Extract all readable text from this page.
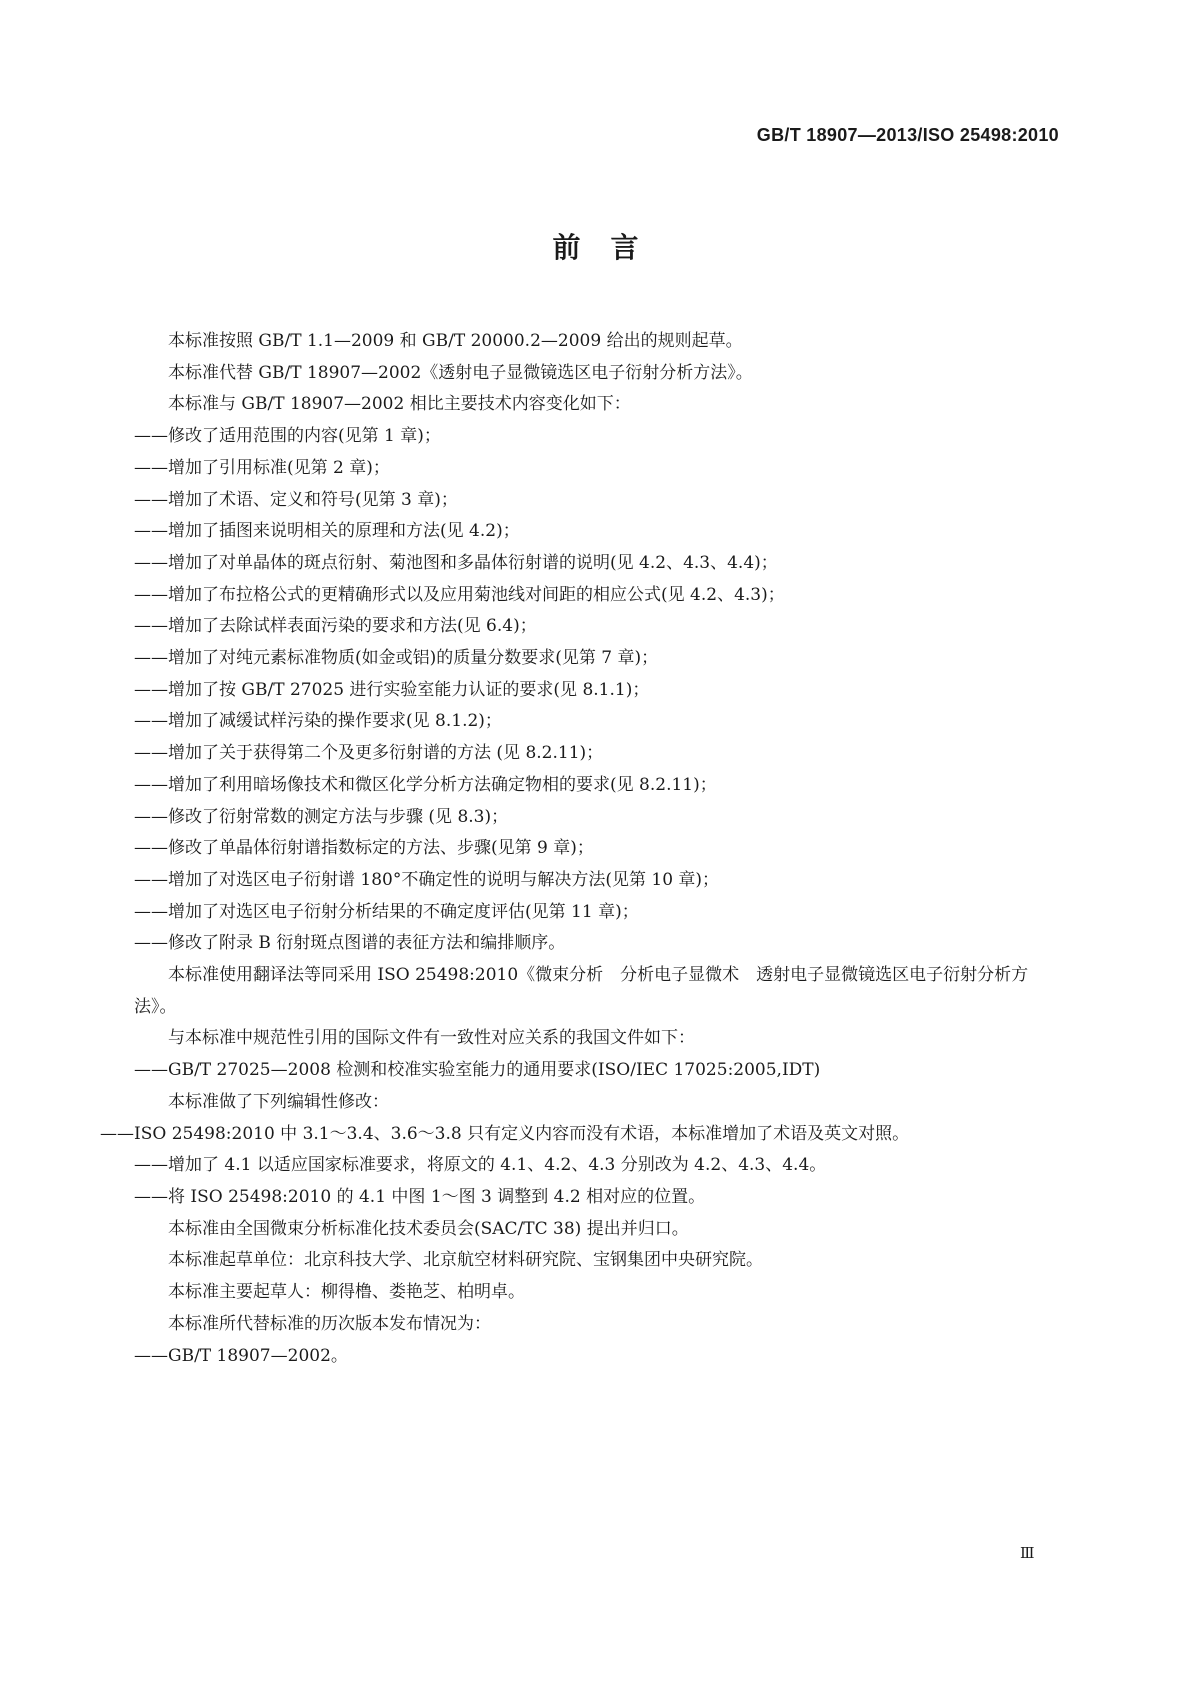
GB/T 18907—2013/ISO 25498:2010
前言

本标准按照 GB/T 1.1—2009 和 GB/T 20000.2—2009 给出的规则起草。

本标准代替 GB/T 18907—2002《透射电子显微镜选区电子衍射分析方法》。

本标准与 GB/T 18907—2002 相比主要技术内容变化如下：

——修改了适用范围的内容(见第 1 章)；

——增加了引用标准(见第 2 章)；

——增加了术语、定义和符号(见第 3 章)；

——增加了插图来说明相关的原理和方法(见 4.2)；

——增加了对单晶体的斑点衍射、菊池图和多晶体衍射谱的说明(见 4.2、4.3、4.4)；

——增加了布拉格公式的更精确形式以及应用菊池线对间距的相应公式(见 4.2、4.3)；

——增加了去除试样表面污染的要求和方法(见 6.4)；

——增加了对纯元素标准物质(如金或铝)的质量分数要求(见第 7 章)；

——增加了按 GB/T 27025 进行实验室能力认证的要求(见 8.1.1)；

——增加了减缓试样污染的操作要求(见 8.1.2)；

——增加了关于获得第二个及更多衍射谱的方法 (见 8.2.11)；

——增加了利用暗场像技术和微区化学分析方法确定物相的要求(见 8.2.11)；

——修改了衍射常数的测定方法与步骤 (见 8.3)；

——修改了单晶体衍射谱指数标定的方法、步骤(见第 9 章)；

——增加了对选区电子衍射谱 180°不确定性的说明与解决方法(见第 10 章)；

——增加了对选区电子衍射分析结果的不确定度评估(见第 11 章)；

——修改了附录 B 衍射斑点图谱的表征方法和编排顺序。

本标准使用翻译法等同采用 ISO 25498:2010《微束分析　分析电子显微术　透射电子显微镜选区电子衍射分析方法》。

与本标准中规范性引用的国际文件有一致性对应关系的我国文件如下：

——GB/T 27025—2008 检测和校准实验室能力的通用要求(ISO/IEC 17025:2005,IDT)

本标准做了下列编辑性修改：

——ISO 25498:2010 中 3.1～3.4、3.6～3.8 只有定义内容而没有术语，本标准增加了术语及英文对照。

——增加了 4.1 以适应国家标准要求，将原文的 4.1、4.2、4.3 分别改为 4.2、4.3、4.4。

——将 ISO 25498:2010 的 4.1 中图 1～图 3 调整到 4.2 相对应的位置。

本标准由全国微束分析标准化技术委员会(SAC/TC 38) 提出并归口。

本标准起草单位：北京科技大学、北京航空材料研究院、宝钢集团中央研究院。

本标准主要起草人：柳得橹、娄艳芝、柏明卓。

本标准所代替标准的历次版本发布情况为：

——GB/T 18907—2002。

Ⅲ
